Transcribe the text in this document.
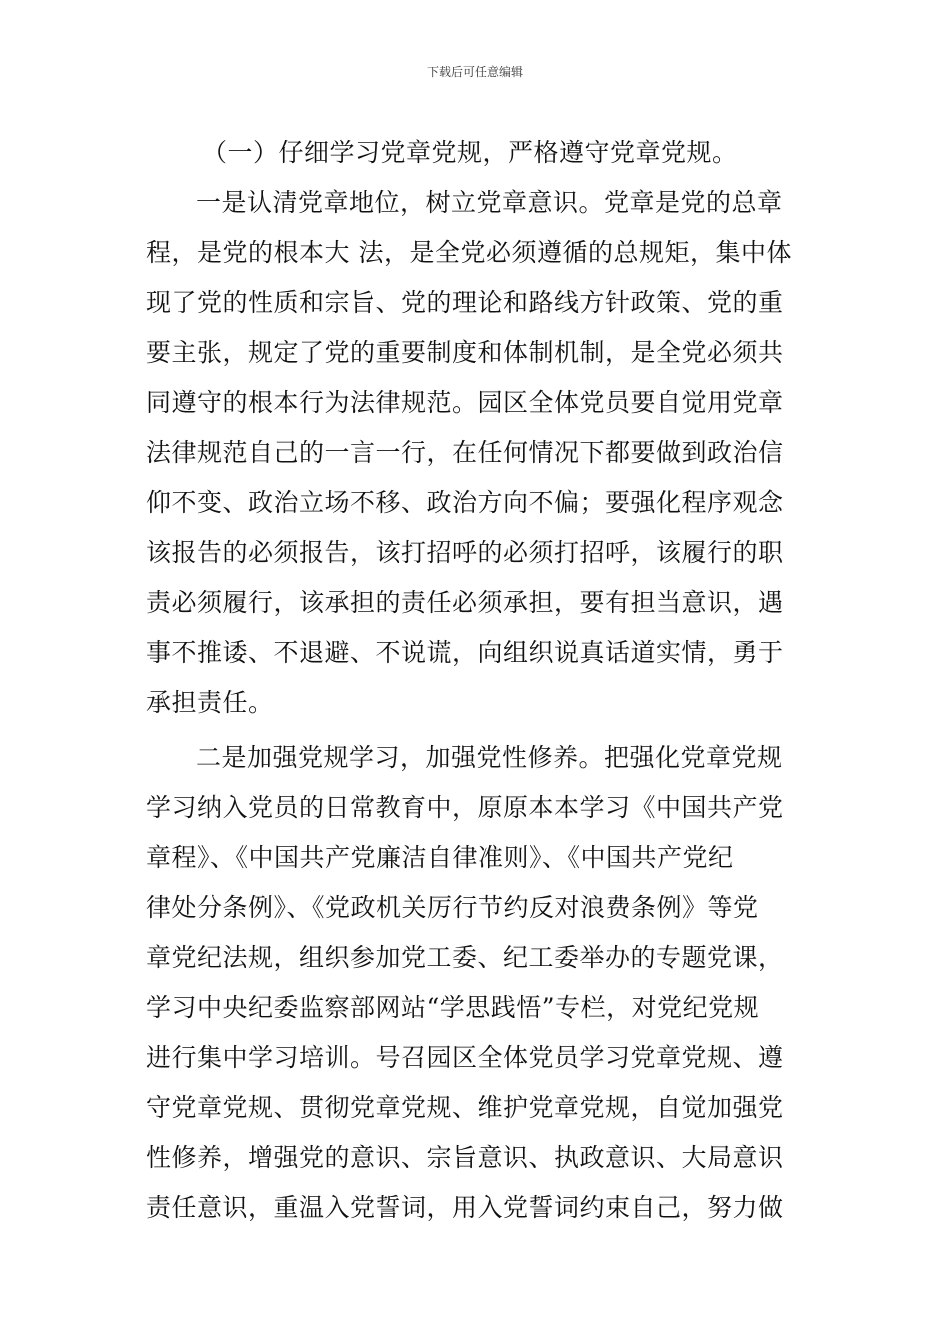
下载后可任意编辑
（一）仔细学习党章党规，严格遵守党章党规。
一是认清党章地位，树立党章意识。党章是党的总章
程，是党的根本大 法，是全党必须遵循的总规矩，集中体
现了党的性质和宗旨、党的理论和路线方针政策、党的重
要主张，规定了党的重要制度和体制机制，是全党必须共
同遵守的根本行为法律规范。园区全体党员要自觉用党章
法律规范自己的一言一行，在任何情况下都要做到政治信
仰不变、政治立场不移、政治方向不偏；要强化程序观念
该报告的必须报告，该打招呼的必须打招呼，该履行的职
责必须履行，该承担的责任必须承担，要有担当意识，遇
事不推诿、不退避、不说谎，向组织说真话道实情，勇于
承担责任。
二是加强党规学习，加强党性修养。把强化党章党规
学习纳入党员的日常教育中，原原本本学习《中国共产党
章程》、《中国共产党廉洁自律准则》、《中国共产党纪
律处分条例》、《党政机关厉行节约反对浪费条例》等党
章党纪法规，组织参加党工委、纪工委举办的专题党课，
学习中央纪委监察部网站“学思践悟”专栏，对党纪党规
进行集中学习培训。号召园区全体党员学习党章党规、遵
守党章党规、贯彻党章党规、维护党章党规，自觉加强党
性修养，增强党的意识、宗旨意识、执政意识、大局意识
责任意识，重温入党誓词，用入党誓词约束自己，努力做
